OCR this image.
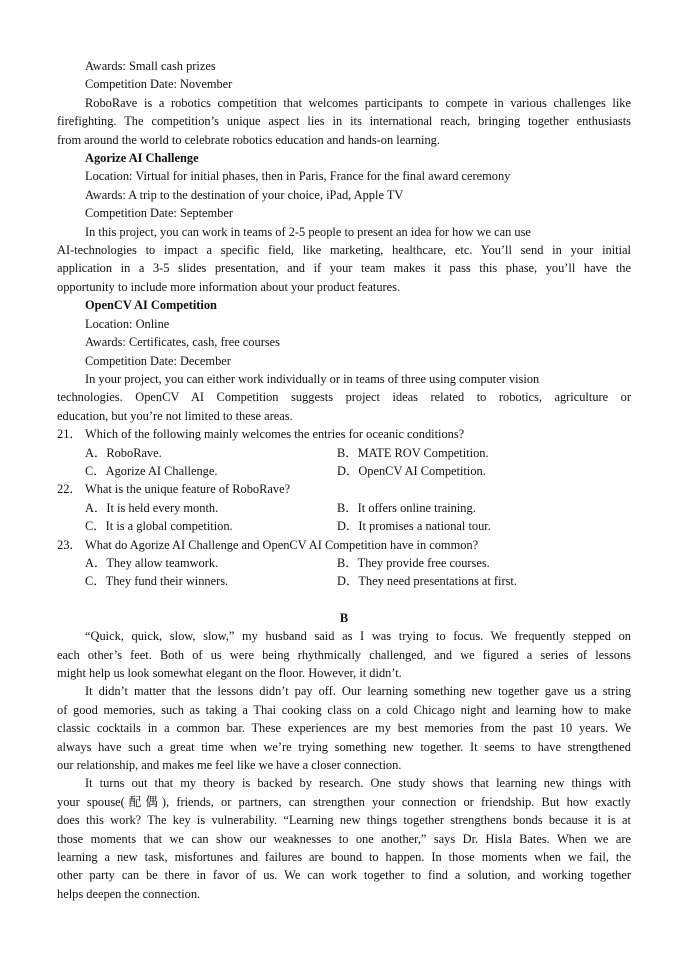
Awards: Small cash prizes
Competition Date: November
RoboRave is a robotics competition that welcomes participants to compete in various challenges like
firefighting. The competition’s unique aspect lies in its international reach, bringing together enthusiasts
from around the world to celebrate robotics education and hands-on learning.
Agorize AI Challenge
Location: Virtual for initial phases, then in Paris, France for the final award ceremony
Awards: A trip to the destination of your choice, iPad, Apple TV
Competition Date: September
In this project, you can work in teams of 2-5 people to present an idea for how we can use
AI-technologies to impact a specific field, like marketing, healthcare, etc. You’ll send in your initial
application in a 3-5 slides presentation, and if your team makes it pass this phase, you’ll have the
opportunity to include more information about your product features.
OpenCV AI Competition
Location: Online
Awards: Certificates, cash, free courses
Competition Date: December
In your project, you can either work individually or in teams of three using computer vision
technologies. OpenCV AI Competition suggests project ideas related to robotics, agriculture or
education, but you’re not limited to these areas.
21． Which of the following mainly welcomes the entries for oceanic conditions?
A．RoboRave.	B．MATE ROV Competition.
C．Agorize AI Challenge.	D．OpenCV AI Competition.
22． What is the unique feature of RoboRave?
A．It is held every month.	B．It offers online training.
C．It is a global competition.	D．It promises a national tour.
23． What do Agorize AI Challenge and OpenCV AI Competition have in common?
A．They allow teamwork.	B．They provide free courses.
C．They fund their winners.	D．They need presentations at first.
B
“Quick, quick, slow, slow,” my husband said as I was trying to focus. We frequently stepped on
each other’s feet. Both of us were being rhythmically challenged, and we figured a series of lessons
might help us look somewhat elegant on the floor. However, it didn’t.
It didn’t matter that the lessons didn’t pay off. Our learning something new together gave us a string
of good memories, such as taking a Thai cooking class on a cold Chicago night and learning how to make
classic cocktails in a common bar. These experiences are my best memories from the past 10 years. We
always have such a great time when we’re trying something new together. It seems to have strengthened
our relationship, and makes me feel like we have a closer connection.
It turns out that my theory is backed by research. One study shows that learning new things with
your spouse(配偶), friends, or partners, can strengthen your connection or friendship. But how exactly
does this work? The key is vulnerability. “Learning new things together strengthens bonds because it is at
those moments that we can show our weaknesses to one another,” says Dr. Hisla Bates. When we are
learning a new task, misfortunes and failures are bound to happen. In those moments when we fail, the
other party can be there in favor of us. We can work together to find a solution, and working together
helps deepen the connection.
